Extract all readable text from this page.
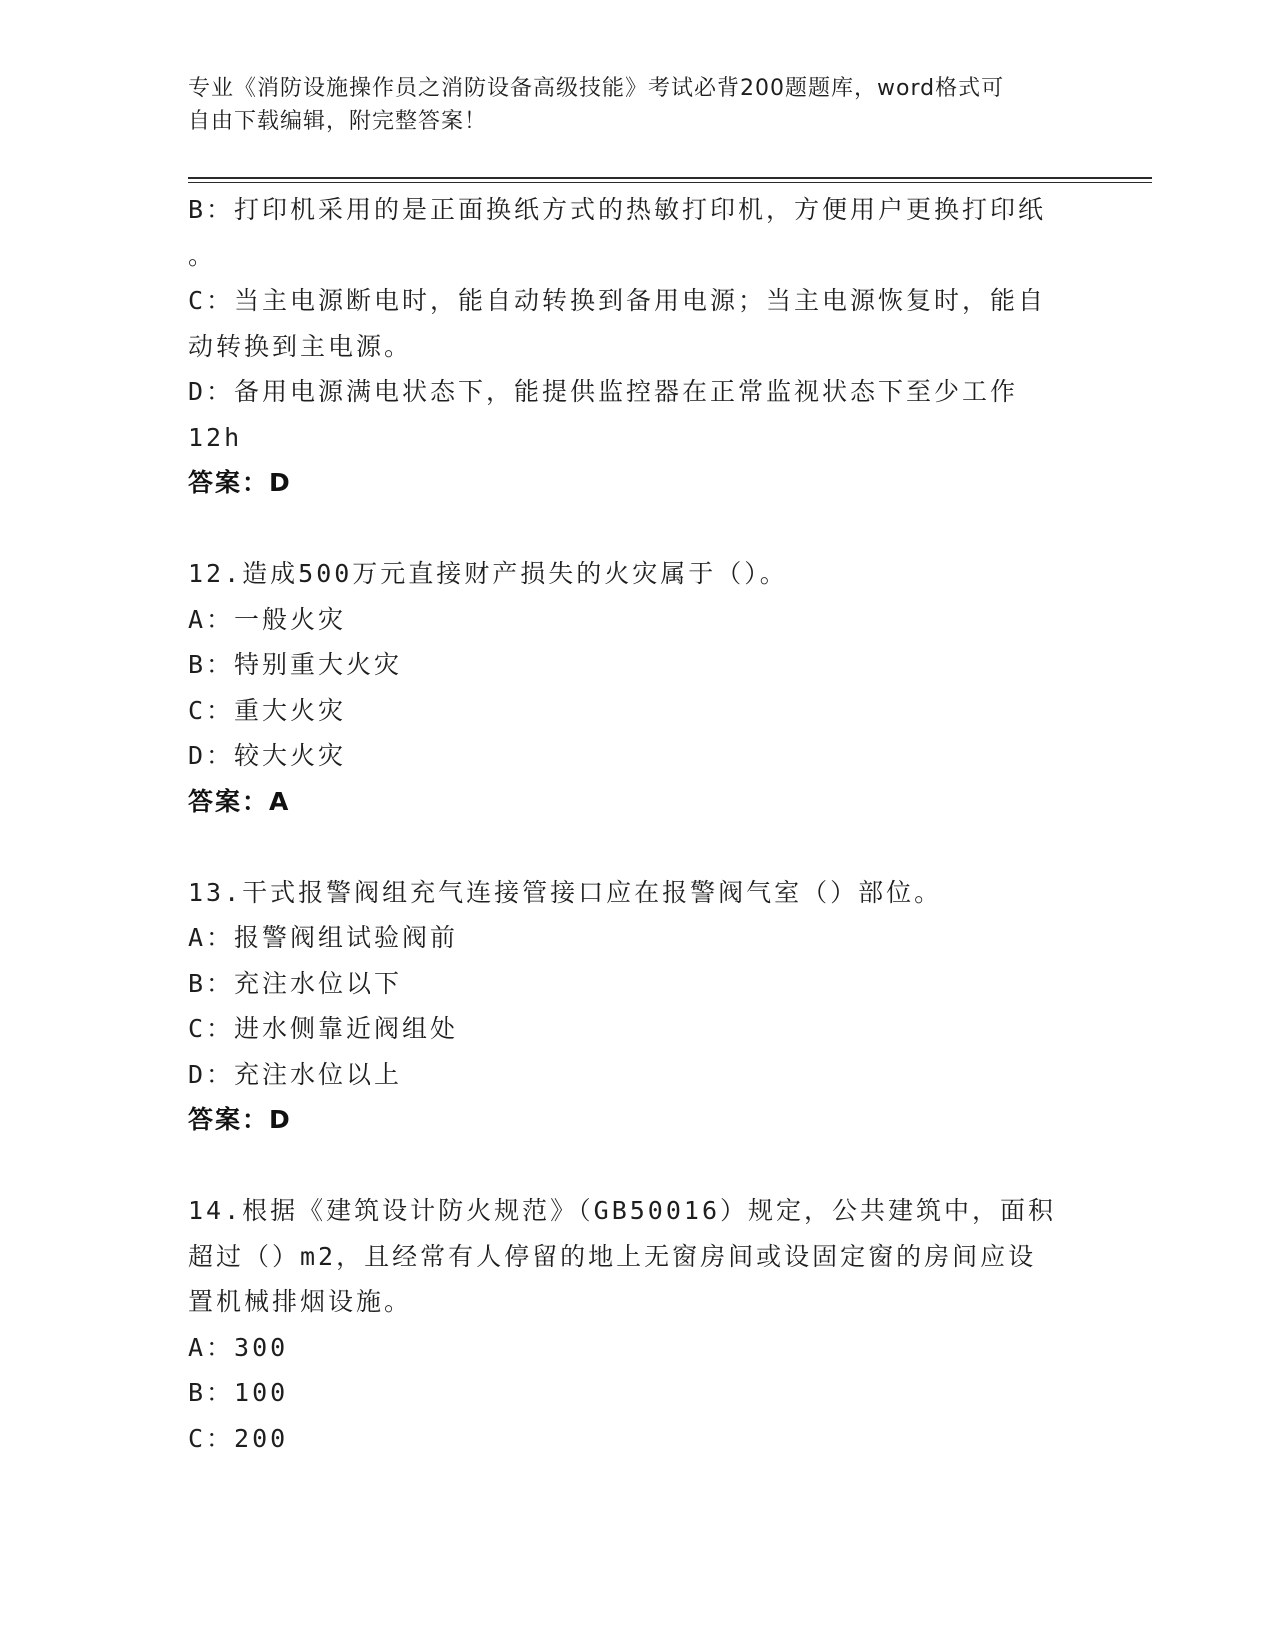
专业《消防设施操作员之消防设备高级技能》考试必背200题题库，word格式可
自由下载编辑，附完整答案！
B：打印机采用的是正面换纸方式的热敏打印机，方便用户更换打印纸
。
C：当主电源断电时，能自动转换到备用电源；当主电源恢复时，能自
动转换到主电源。
D：备用电源满电状态下，能提供监控器在正常监视状态下至少工作
12h
答案：D
12.造成500万元直接财产损失的火灾属于（）。
A：一般火灾
B：特别重大火灾
C：重大火灾
D：较大火灾
答案：A
13.干式报警阀组充气连接管接口应在报警阀气室（）部位。
A：报警阀组试验阀前
B：充注水位以下
C：进水侧靠近阀组处
D：充注水位以上
答案：D
14.根据《建筑设计防火规范》（GB50016）规定，公共建筑中，面积
超过（）m2，且经常有人停留的地上无窗房间或设固定窗的房间应设
置机械排烟设施。
A：300
B：100
C：200
